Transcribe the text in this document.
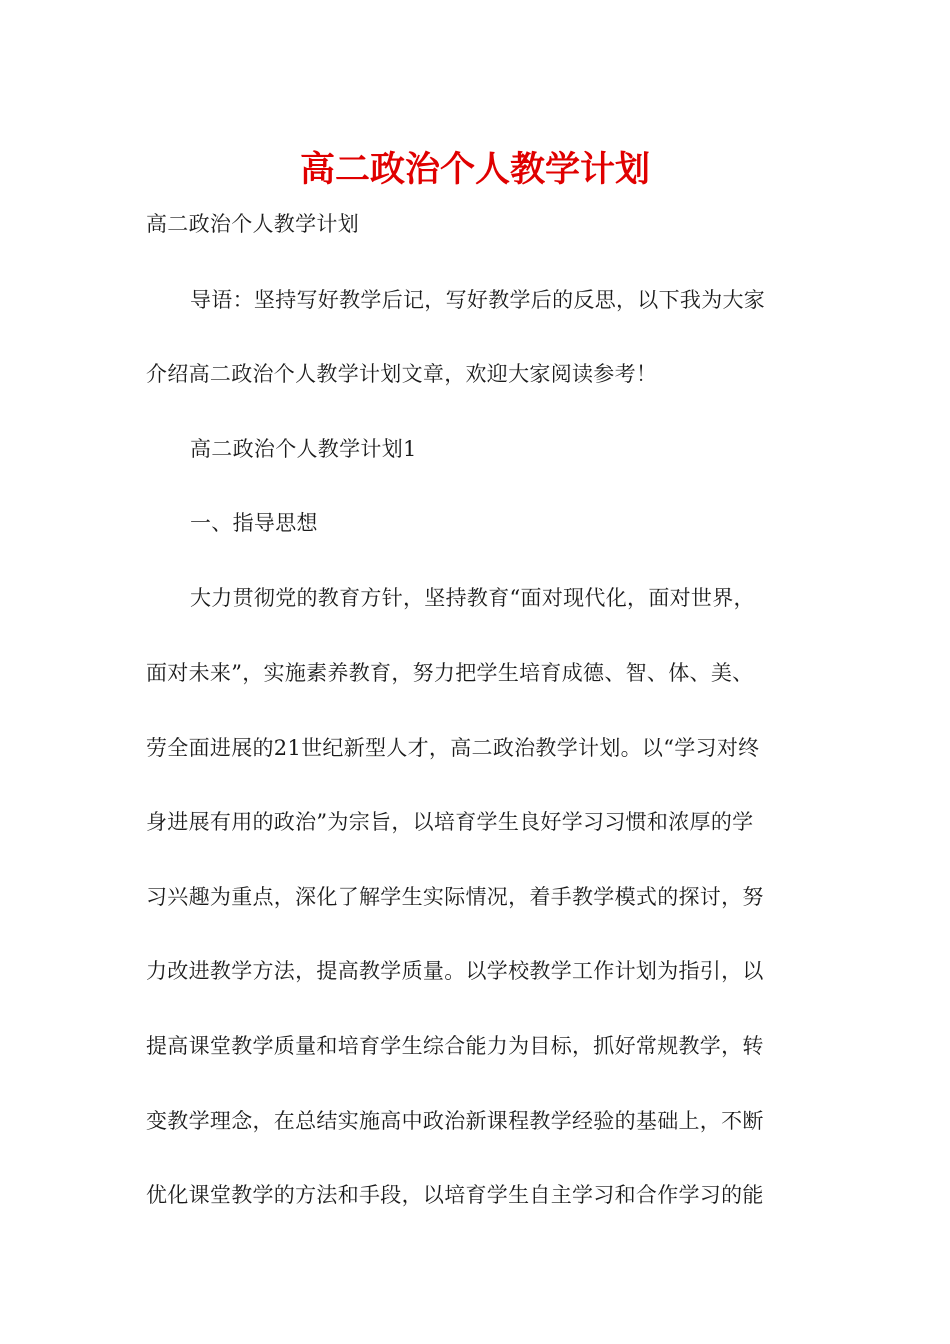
高二政治个人教学计划
高二政治个人教学计划
导语：坚持写好教学后记，写好教学后的反思，以下我为大家
介绍高二政治个人教学计划文章，欢迎大家阅读参考！
高二政治个人教学计划1
一、指导思想
大力贯彻党的教育方针，坚持教育“面对现代化，面对世界，
面对未来”，实施素养教育，努力把学生培育成德、智、体、美、
劳全面进展的21世纪新型人才，高二政治教学计划。以“学习对终
身进展有用的政治”为宗旨，以培育学生良好学习习惯和浓厚的学
习兴趣为重点，深化了解学生实际情况，着手教学模式的探讨，努
力改进教学方法，提高教学质量。以学校教学工作计划为指引，以
提高课堂教学质量和培育学生综合能力为目标，抓好常规教学，转
变教学理念，在总结实施高中政治新课程教学经验的基础上，不断
优化课堂教学的方法和手段，以培育学生自主学习和合作学习的能
